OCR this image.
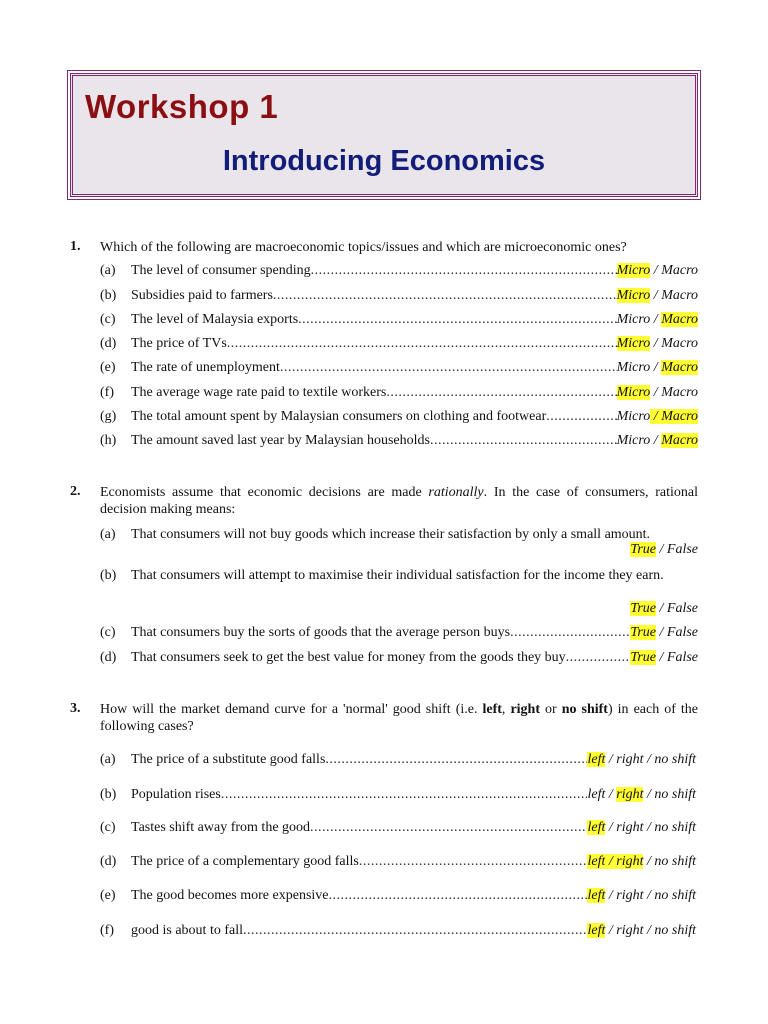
Workshop 1
Introducing Economics
1. Which of the following are macroeconomic topics/issues and which are microeconomic ones?
(a)	The level of consumer spending .....	Micro / Macro
(b)	Subsidies paid to farmers .....	Micro / Macro
(c)	The level of Malaysia exports .....	Micro / Macro
(d)	The price of TVs .....	Micro / Macro
(e)	The rate of unemployment .....	Micro / Macro
(f)	The average wage rate paid to textile workers .....	Micro / Macro
(g)	The total amount spent by Malaysian consumers on clothing and footwear .....	Micro / Macro
(h)	The amount saved last year by Malaysian households .....	Micro / Macro
2. Economists assume that economic decisions are made rationally. In the case of consumers, rational decision making means:
(a) That consumers will not buy goods which increase their satisfaction by only a small amount.
True / False
(b) That consumers will attempt to maximise their individual satisfaction for the income they earn.
True / False
(c)	That consumers buy the sorts of goods that the average person buys .....	True / False
(d)	That consumers seek to get the best value for money from the goods they buy .....	True / False
3. How will the market demand curve for a 'normal' good shift (i.e. left, right or no shift) in each of the following cases?
(a)	The price of a substitute good falls .....	left / right / no shift
(b)	Population rises .....	left / right / no shift
(c)	Tastes shift away from the good .....	left / right / no shift
(d)	The price of a complementary good falls .....	left / right / no shift
(e)	The good becomes more expensive .....	left / right / no shift
(f)	good is about to fall .....	left / right / no shift
